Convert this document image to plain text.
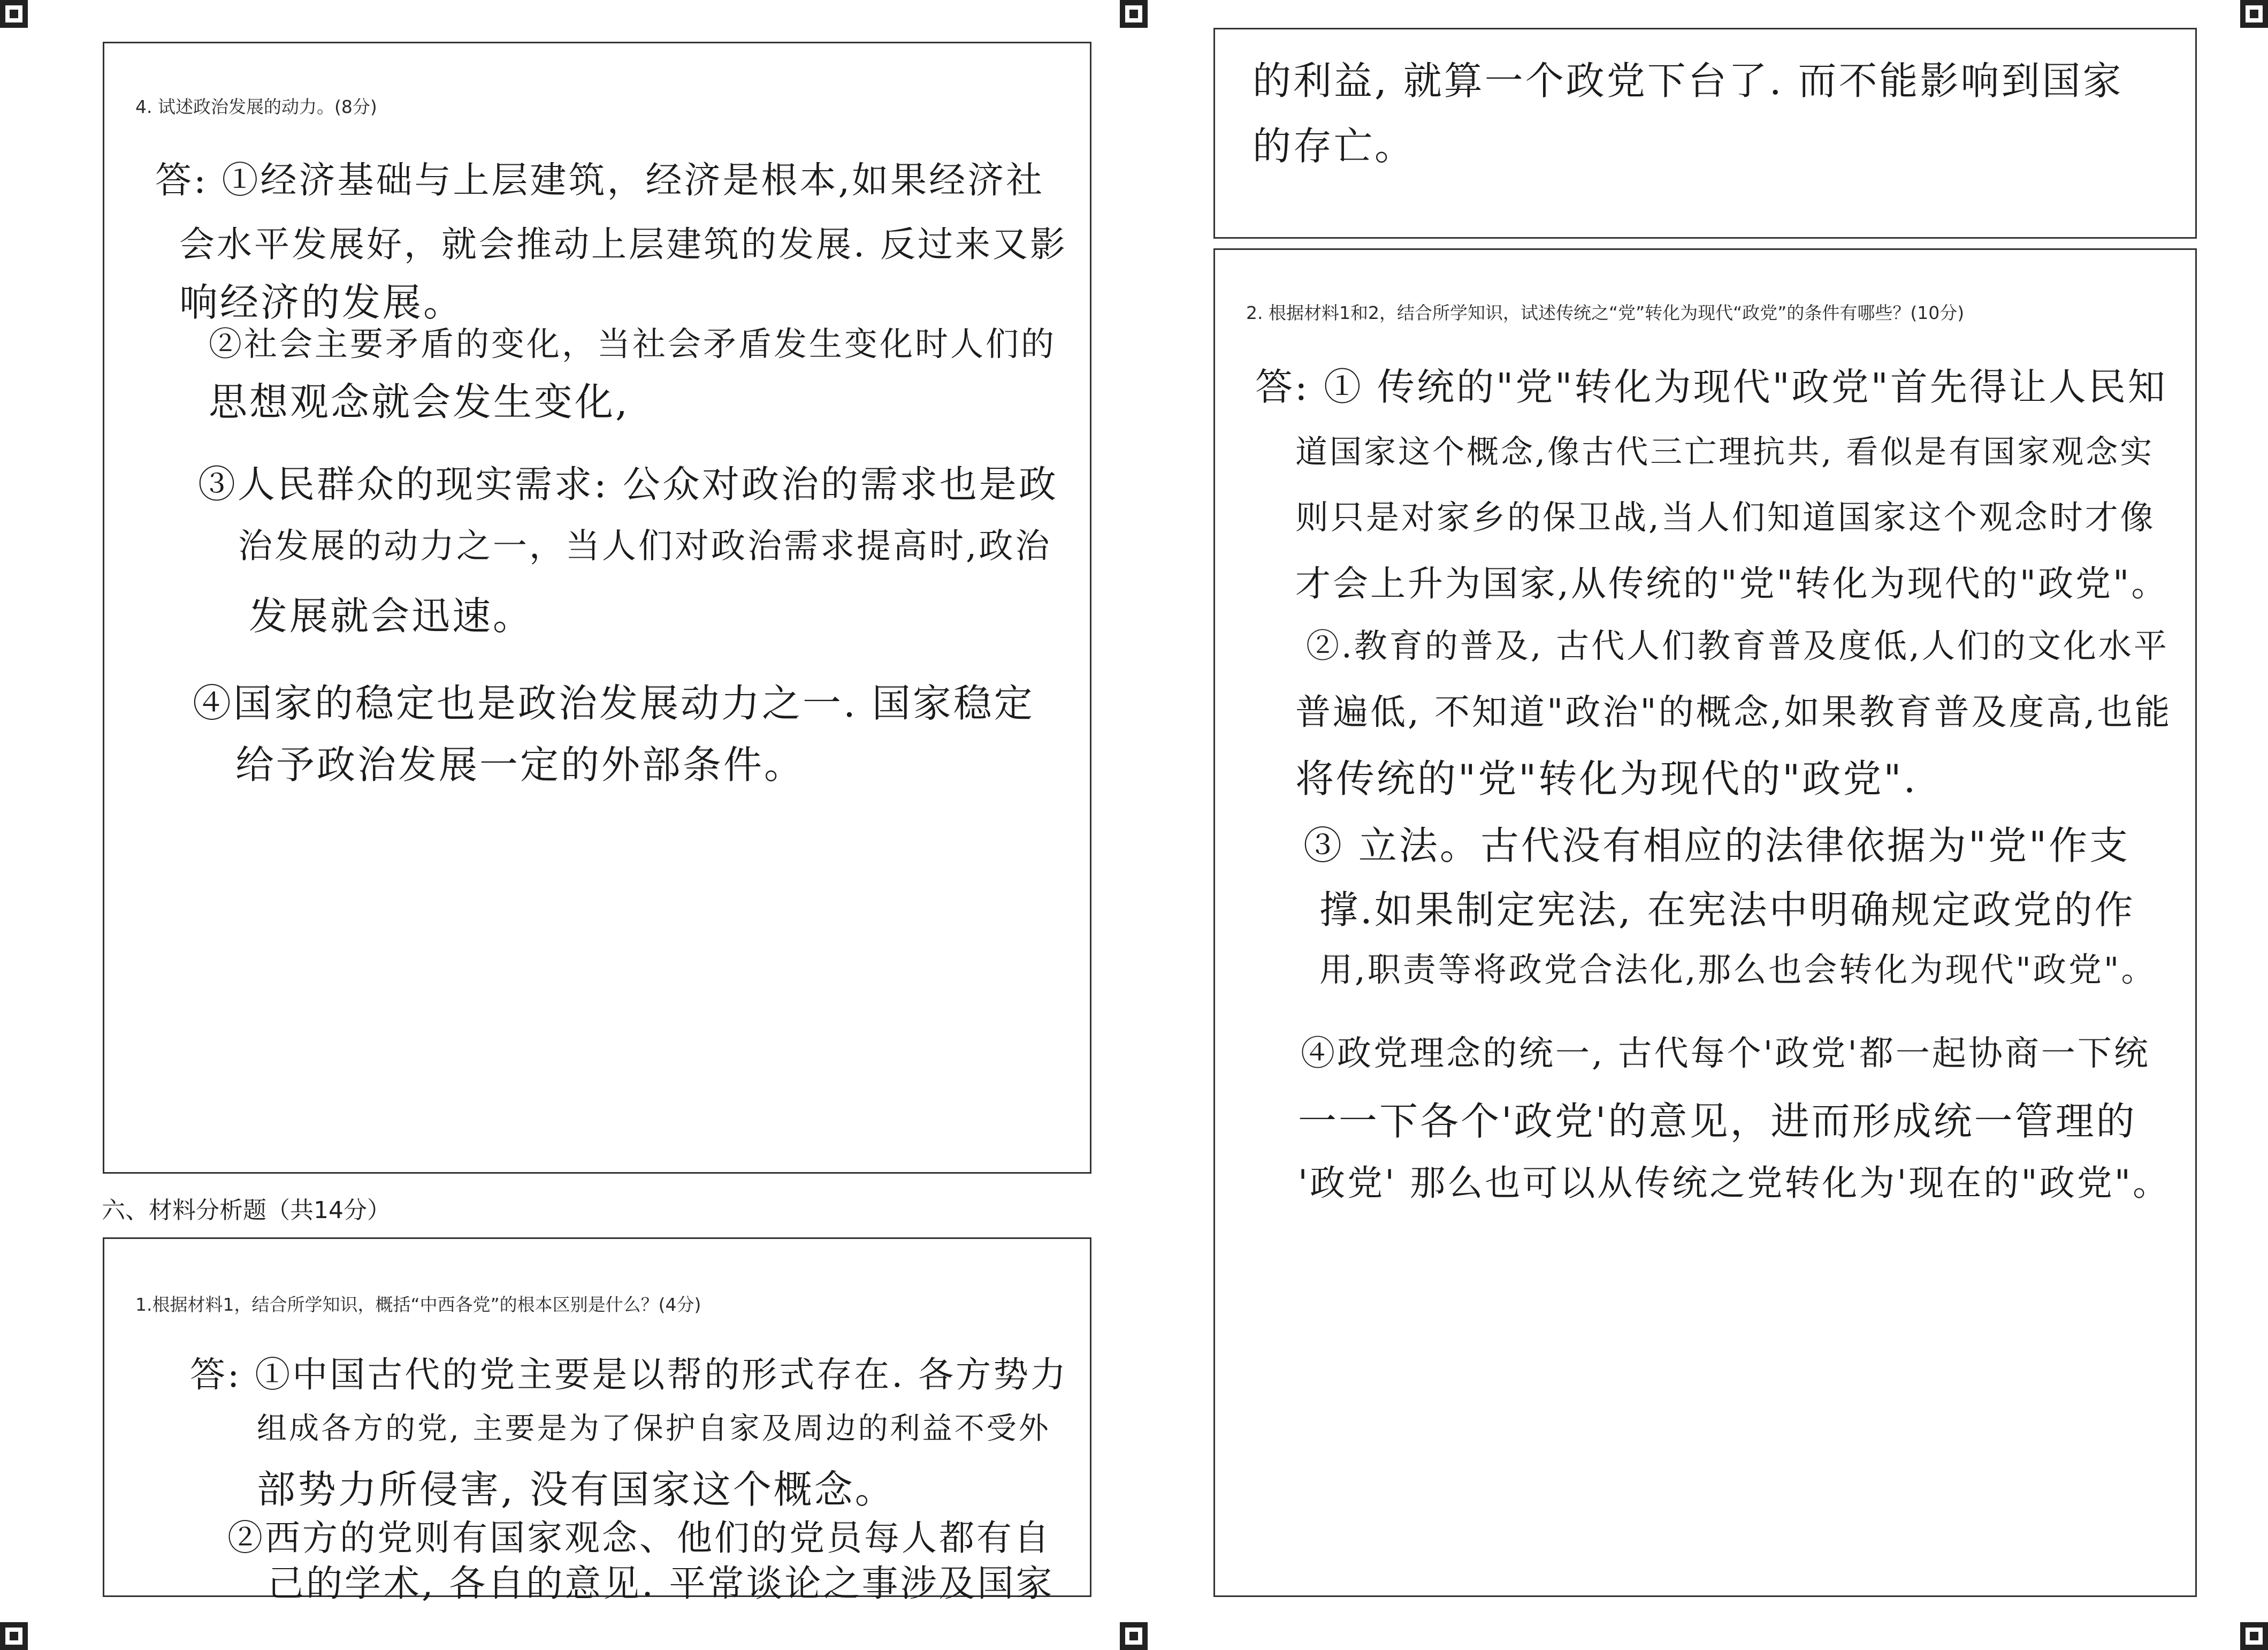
4. 试述政治发展的动力。(8分)
答: ①经济基础与上层建筑，经济是根本,如果经济社
会水平发展好，就会推动上层建筑的发展. 反过来又影
响经济的发展。
②社会主要矛盾的变化，当社会矛盾发生变化时人们的
思想观念就会发生变化,
③人民群众的现实需求: 公众对政治的需求也是政
治发展的动力之一，当人们对政治需求提高时,政治
发展就会迅速。
④国家的稳定也是政治发展动力之一. 国家稳定
给予政治发展一定的外部条件。
六、材料分析题（共14分）
1.根据材料1，结合所学知识，概括“中西各党”的根本区别是什么？(4分)
答: ①中国古代的党主要是以帮的形式存在. 各方势力
组成各方的党, 主要是为了保护自家及周边的利益不受外
部势力所侵害, 没有国家这个概念。
②西方的党则有国家观念、他们的党员每人都有自
己的学术, 各自的意见. 平常谈论之事涉及国家
的利益, 就算一个政党下台了. 而不能影响到国家
的存亡。
2. 根据材料1和2，结合所学知识，试述传统之“党”转化为现代“政党”的条件有哪些？(10分)
答: ① 传统的"党"转化为现代"政党"首先得让人民知
道国家这个概念,像古代三亡理抗共, 看似是有国家观念实
则只是对家乡的保卫战,当人们知道国家这个观念时才像
才会上升为国家,从传统的"党"转化为现代的"政党"。
②.教育的普及, 古代人们教育普及度低,人们的文化水平
普遍低, 不知道"政治"的概念,如果教育普及度高,也能
将传统的"党"转化为现代的"政党".
③ 立法。古代没有相应的法律依据为"党"作支
撑.如果制定宪法, 在宪法中明确规定政党的作
用,职责等将政党合法化,那么也会转化为现代"政党"。
④政党理念的统一, 古代每个'政党'都一起协商一下统
一一下各个'政党'的意见，进而形成统一管理的
'政党' 那么也可以从传统之党转化为'现在的"政党"。
